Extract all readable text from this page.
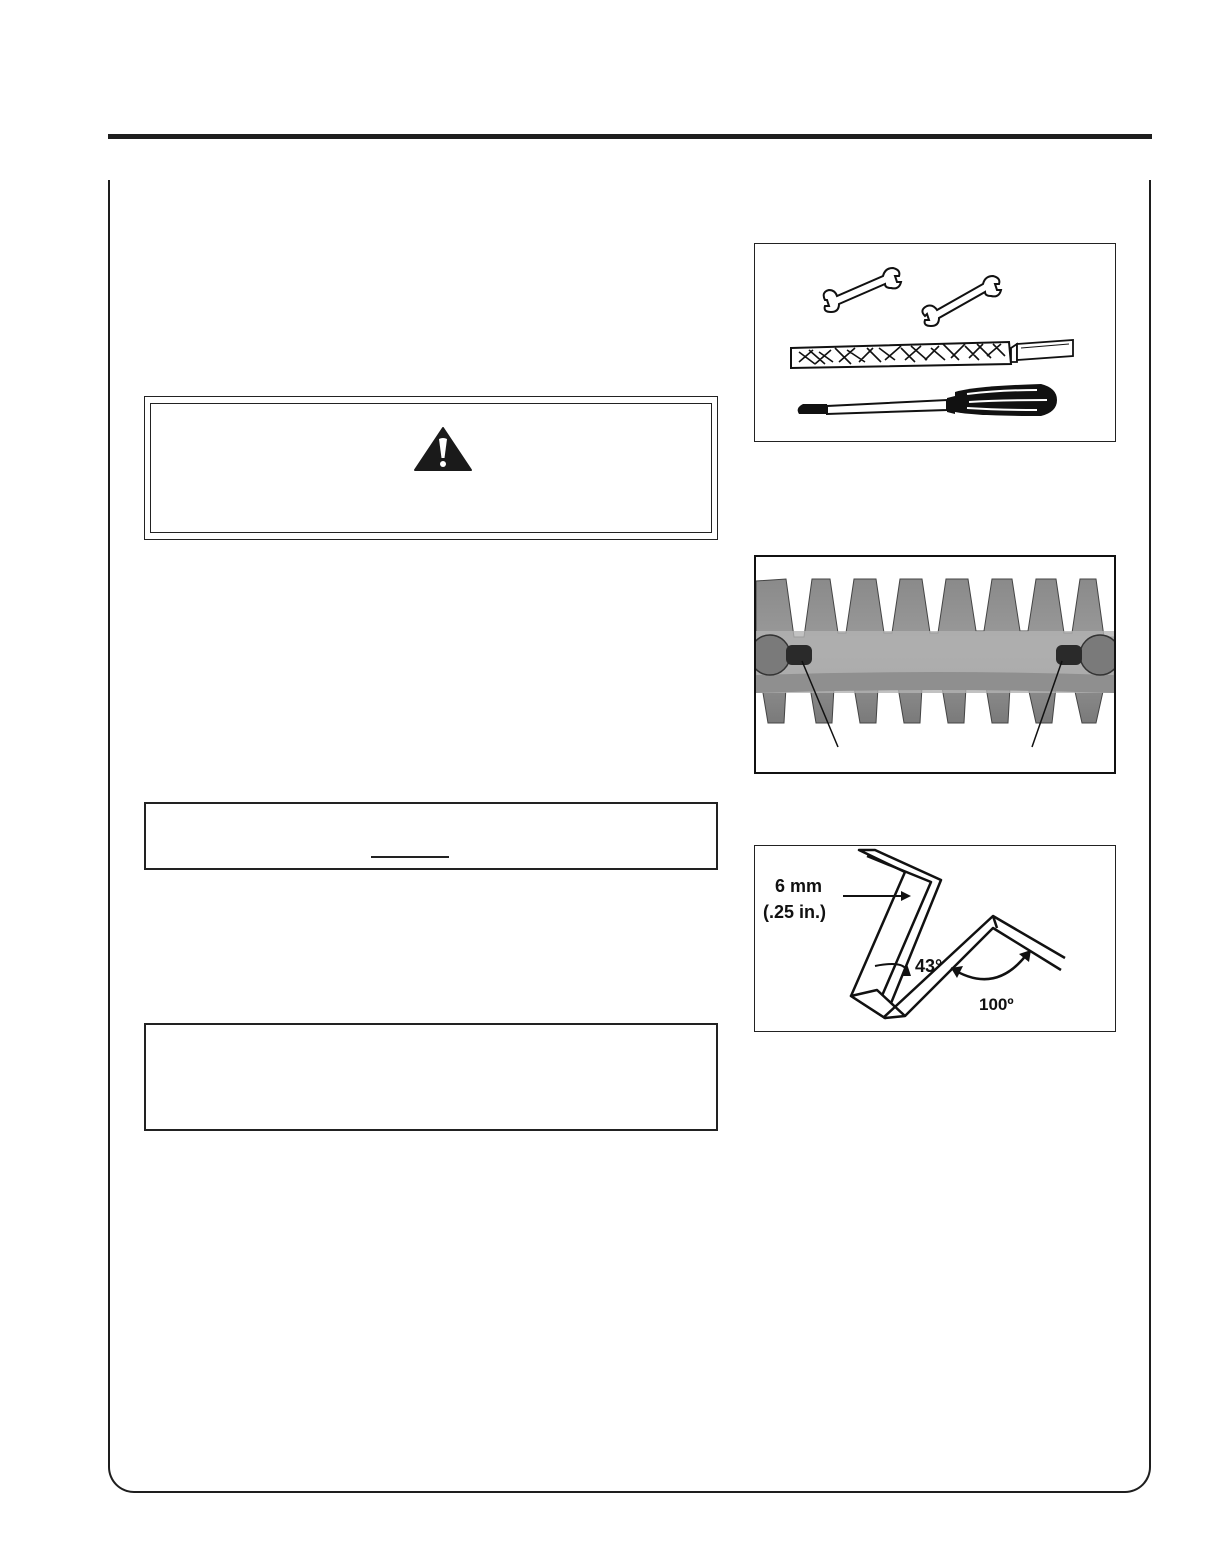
6 mm
(.25 in.)
43°
100º
